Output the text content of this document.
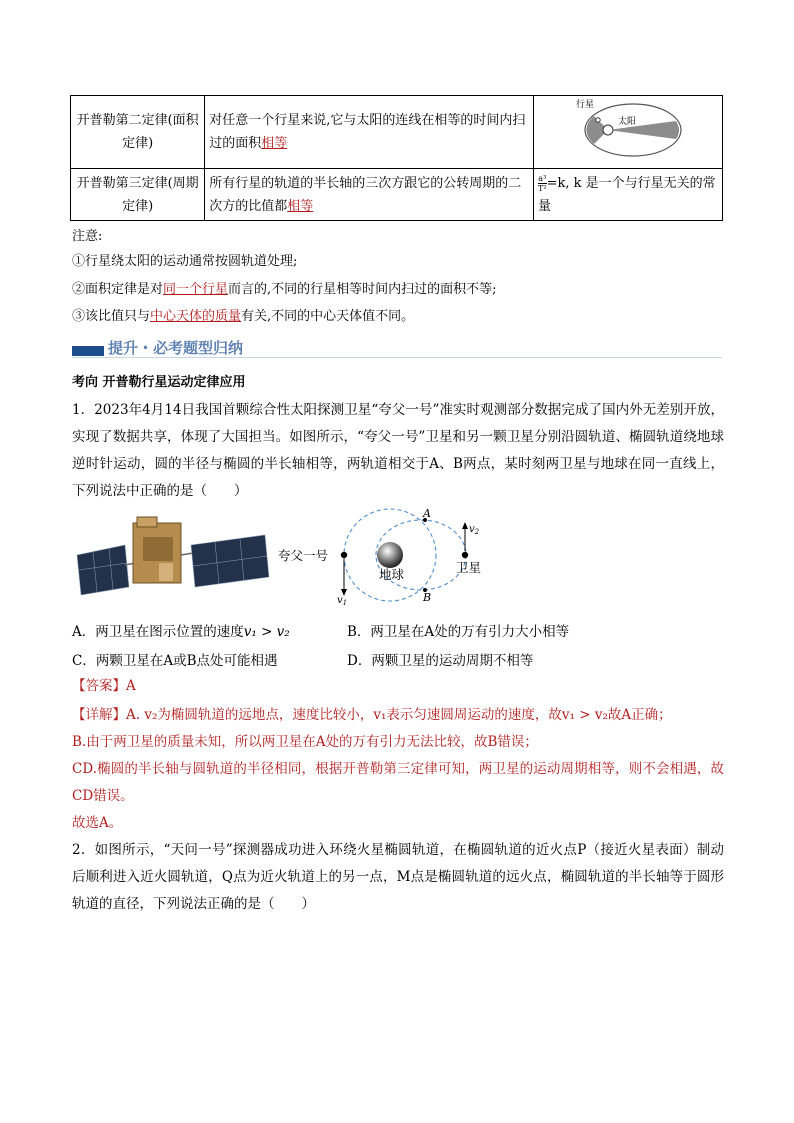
开普勒第二定律(面积定律)	对任意一个行星来说,它与太阳的连线在相等的时间内扫过的面积相等	行星
太阳

开普勒第三定律(周期定律)	所有行星的轨道的半长轴的三次方跟它的公转周期的二次方的比值都相等	$\frac{\text{a³}}{\text{T²}} =k$, k 是一个与行星无关的常量
注意:
①行星绕太阳的运动通常按圆轨道处理;
②面积定律是对同一个行星而言的,不同的行星相等时间内扫过的面积不等;
③该比值只与中心天体的质量有关,不同的中心天体值不同。
提升・必考题型归纳
考向 开普勒行星运动定律应用
1．2023年4月14日我国首颗综合性太阳探测卫星“夸父一号”准实时观测部分数据完成了国内外无差别开放，实现了数据共享，体现了大国担当。如图所示，“夸父一号”卫星和另一颗卫星分别沿圆轨道、椭圆轨道绕地球逆时针运动，圆的半径与椭圆的半长轴相等，两轨道相交于A、B两点，某时刻两卫星与地球在同一直线上，下列说法中正确的是（　　）
夸父一号
卫星
地球
A
B
$v_1$
$v_2$
A．两卫星在图示位置的速度v₁ > v₂	B．两卫星在A处的万有引力大小相等
C．两颗卫星在A或B点处可能相遇	D．两颗卫星的运动周期不相等
【答案】A
【详解】A. v₂为椭圆轨道的远地点，速度比较小，v₁表示匀速圆周运动的速度，故v₁ > v₂故A正确；
B.由于两卫星的质量未知，所以两卫星在A处的万有引力无法比较，故B错误；
CD.椭圆的半长轴与圆轨道的半径相同，根据开普勒第三定律可知，两卫星的运动周期相等，则不会相遇，故CD错误。
故选A。
2．如图所示，“天问一号”探测器成功进入环绕火星椭圆轨道，在椭圆轨道的近火点P（接近火星表面）制动后顺利进入近火圆轨道，Q点为近火轨道上的另一点，M点是椭圆轨道的远火点，椭圆轨道的半长轴等于圆形轨道的直径，下列说法正确的是（　　）
